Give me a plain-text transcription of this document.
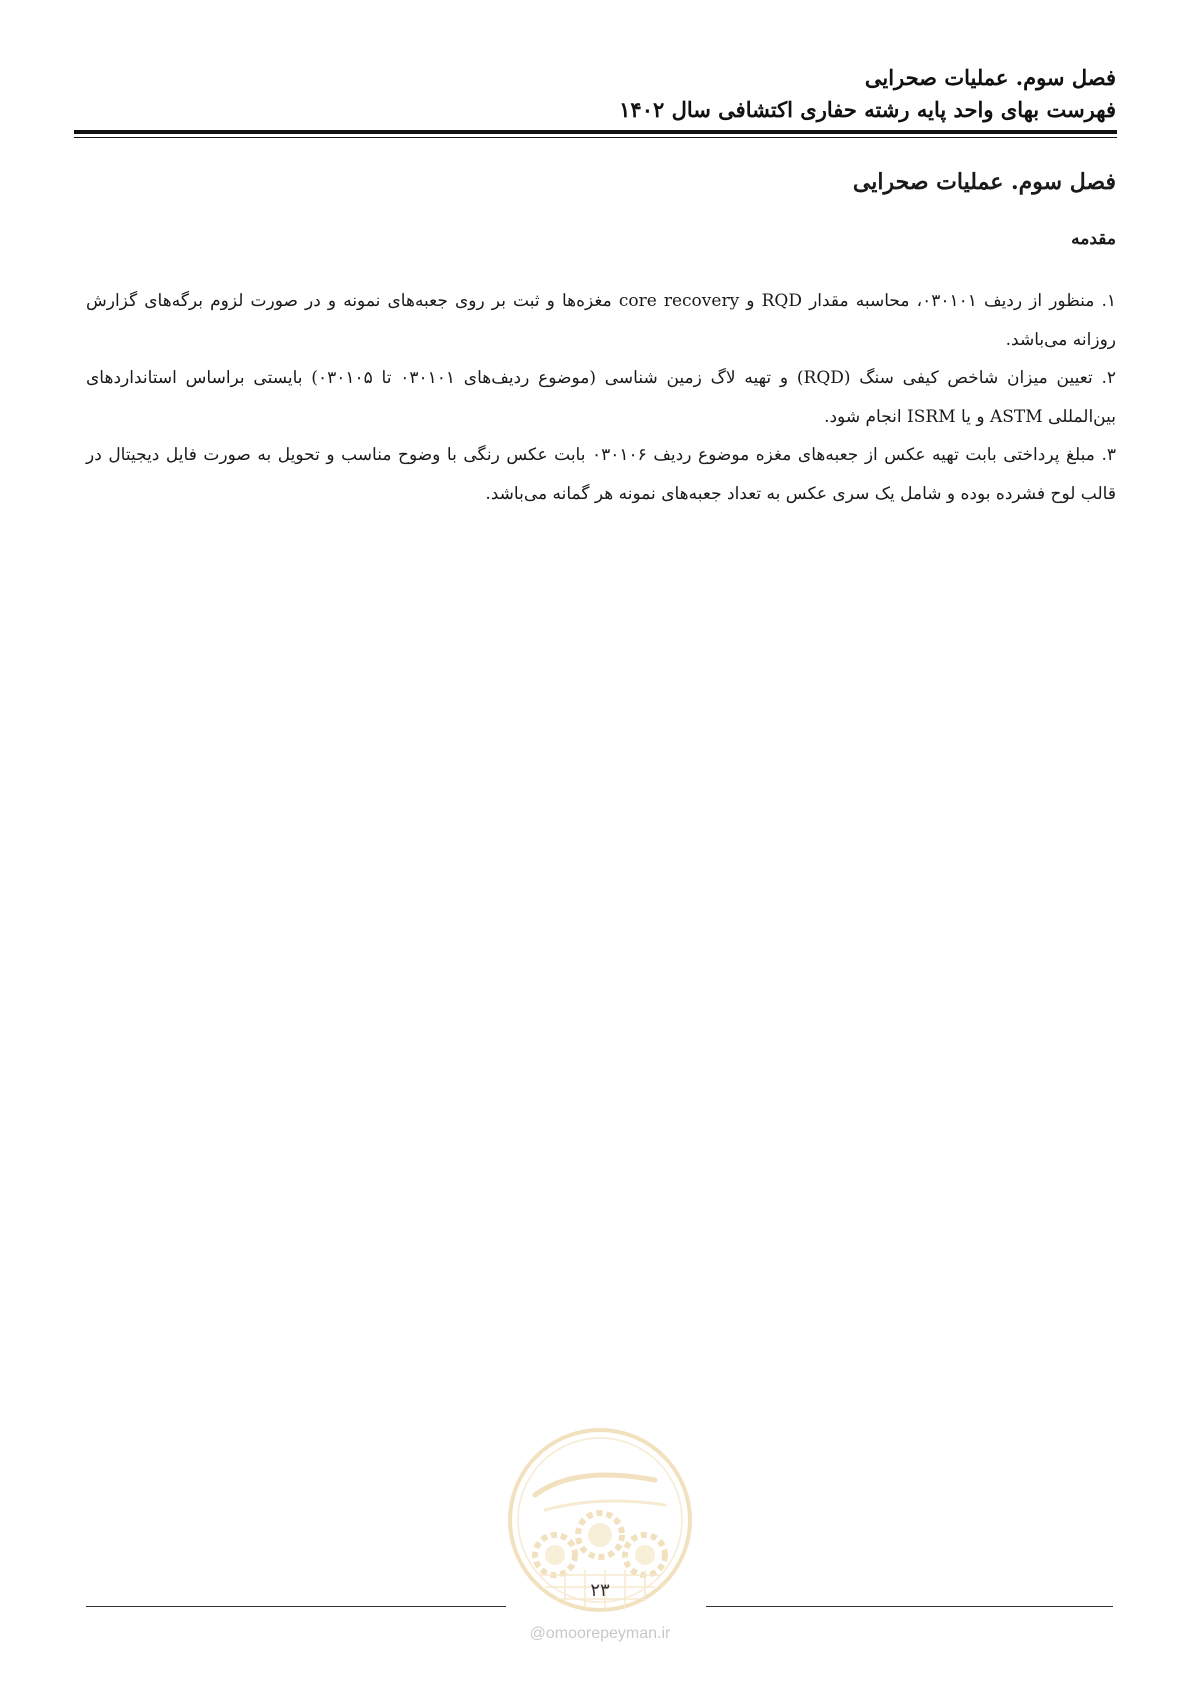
فصل سوم. عملیات صحرایی
فهرست بهای واحد پایه رشته حفاری اکتشافی سال ۱۴۰۲
فصل سوم. عملیات صحرایی
مقدمه

۱. منظور از ردیف ۰۳۰۱۰۱، محاسبه مقدار RQD و core recovery مغزه‌ها و ثبت بر روی جعبه‌های نمونه و در صورت لزوم برگه‌های گزارش روزانه می‌باشد.

۲. تعیین میزان شاخص کیفی سنگ (RQD) و تهیه لاگ زمین شناسی (موضوع ردیف‌های ۰۳۰۱۰۱ تا ۰۳۰۱۰۵) بایستی براساس استانداردهای بین‌المللی ASTM و یا ISRM انجام شود.

۳. مبلغ پرداختی بابت تهیه عکس از جعبه‌های مغزه موضوع ردیف ۰۳۰۱۰۶ بابت عکس رنگی با وضوح مناسب و تحویل به صورت فایل دیجیتال در قالب لوح فشرده بوده و شامل یک سری عکس به تعداد جعبه‌های نمونه هر گمانه می‌باشد.

۲۳
@omoorepeyman.ir
